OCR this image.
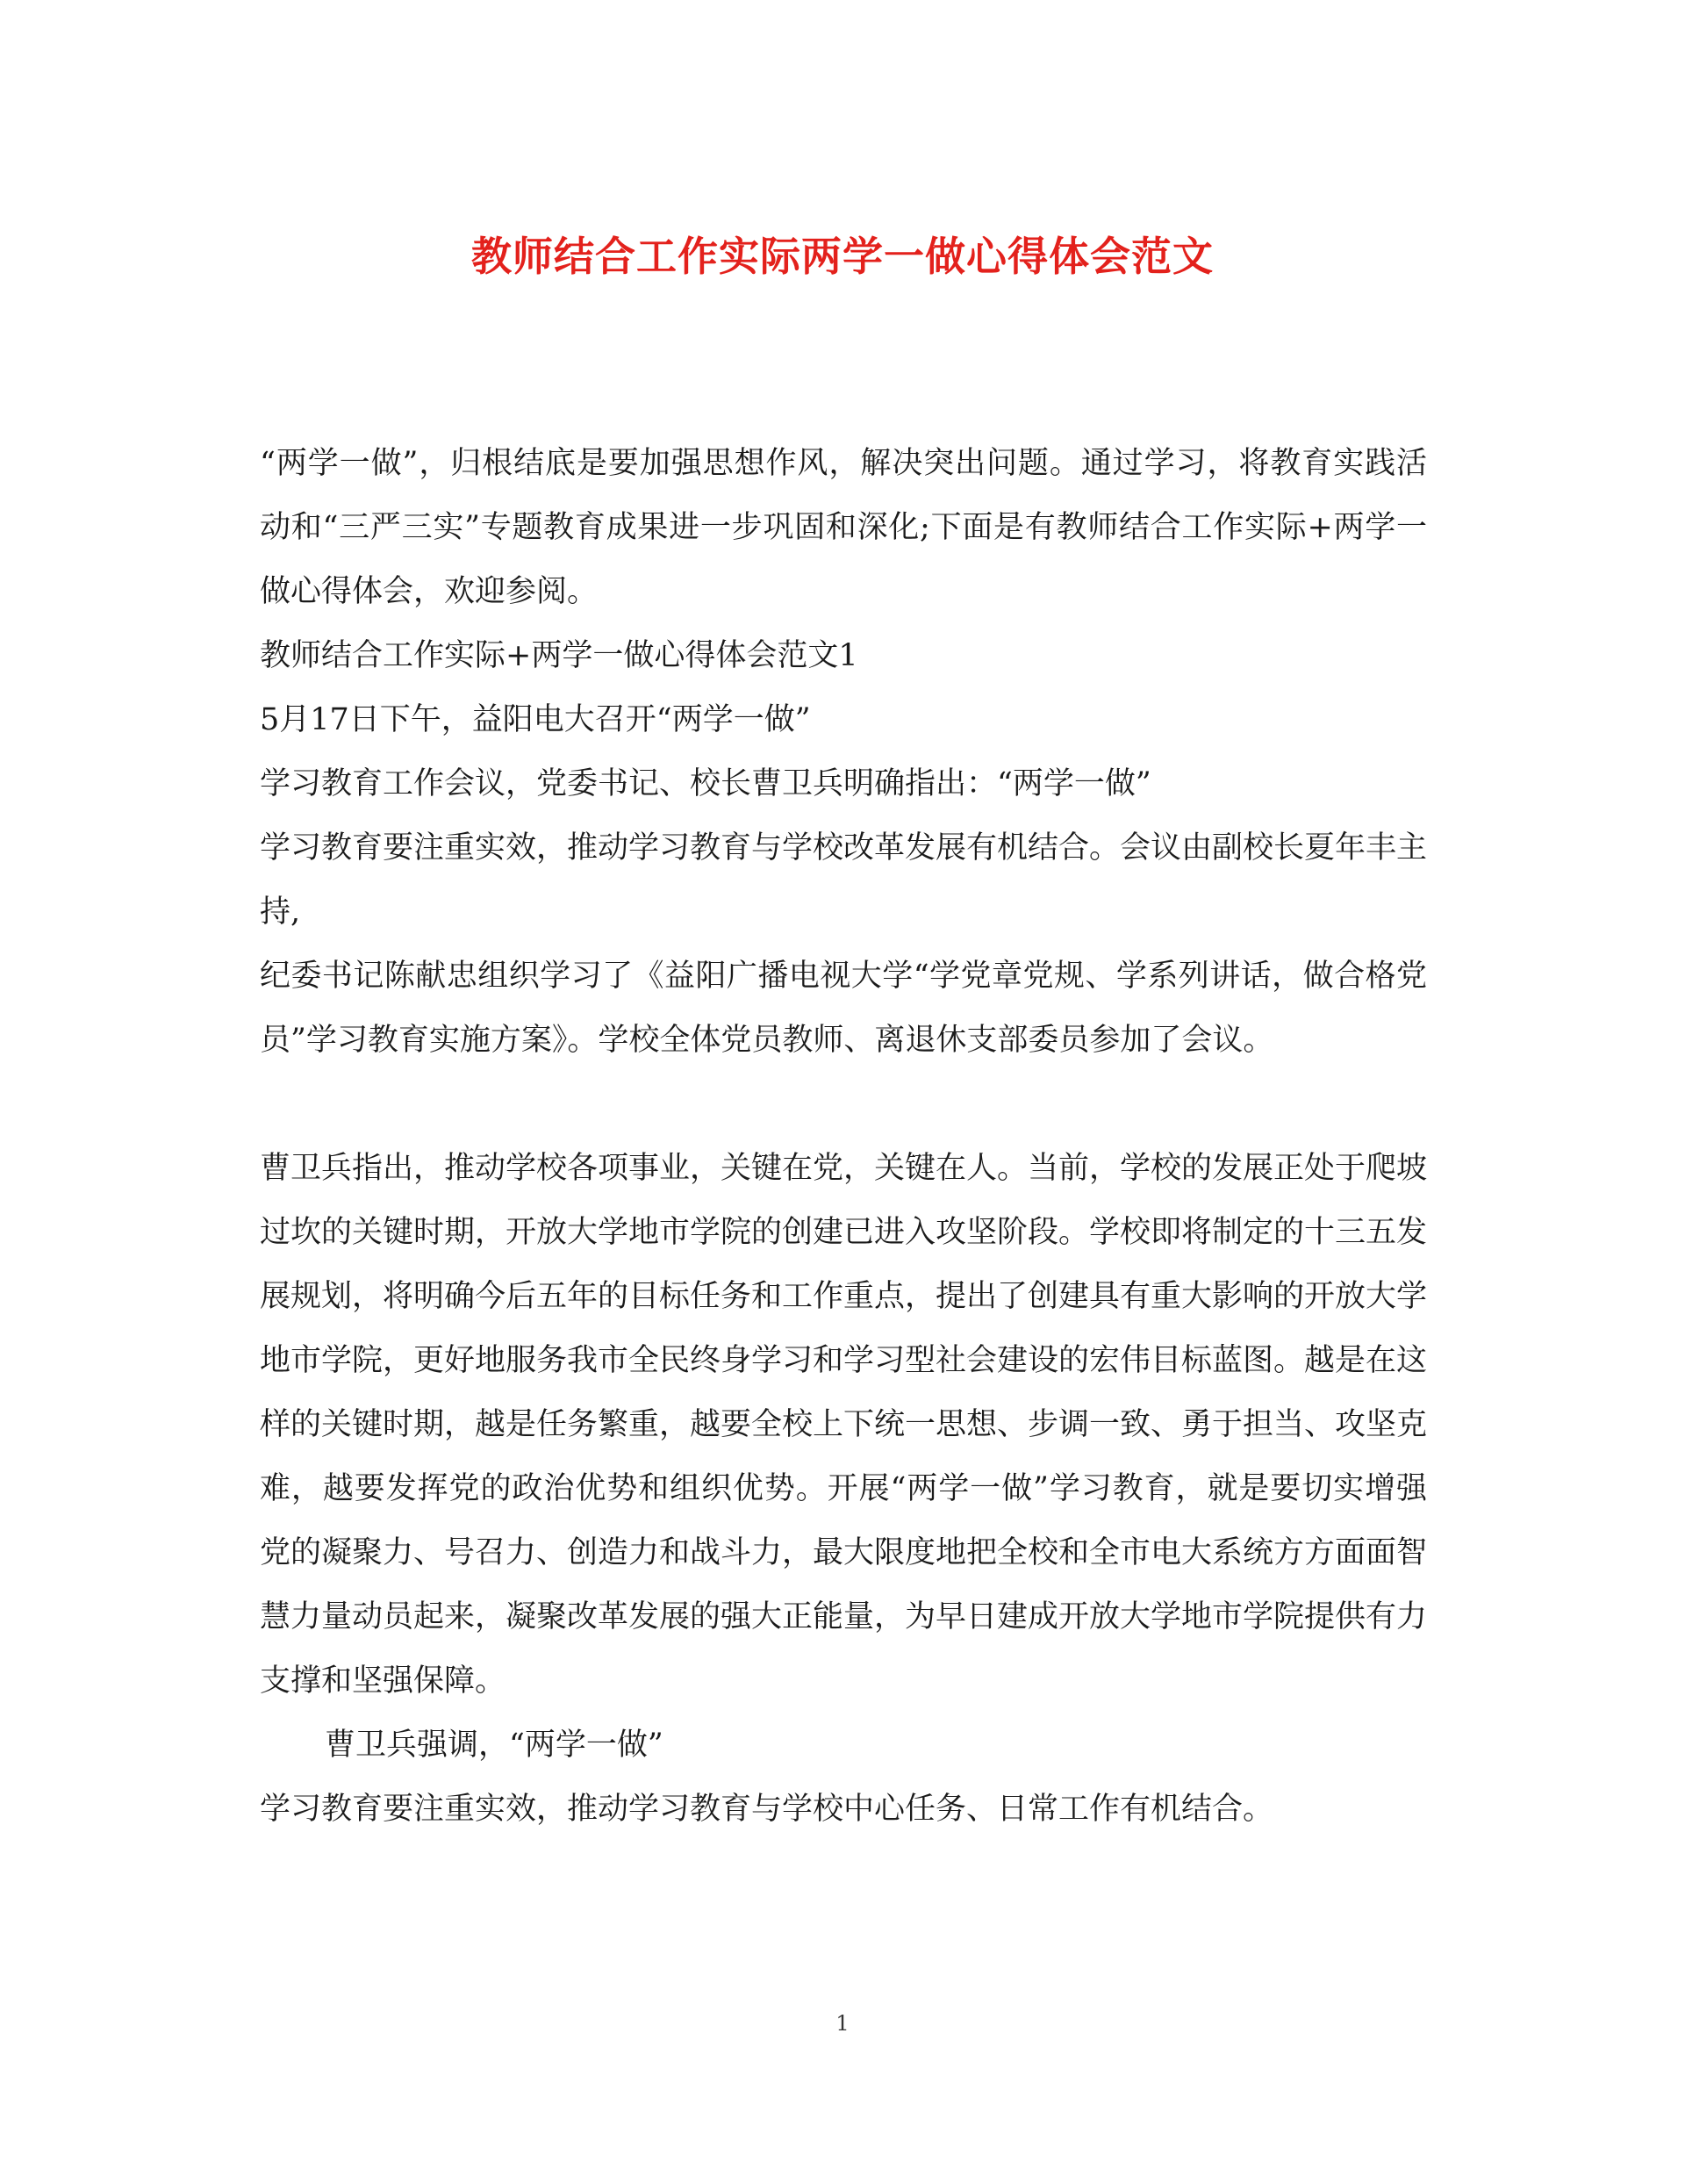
教师结合工作实际两学一做心得体会范文

“两学一做”，归根结底是要加强思想作风，解决突出问题。通过学习，将教育实践活动和“三严三实”专题教育成果进一步巩固和深化;下面是有教师结合工作实际+两学一做心得体会，欢迎参阅。

教师结合工作实际+两学一做心得体会范文1

5月17日下午，益阳电大召开“两学一做”

学习教育工作会议，党委书记、校长曹卫兵明确指出：“两学一做”

学习教育要注重实效，推动学习教育与学校改革发展有机结合。会议由副校长夏年丰主持,

纪委书记陈献忠组织学习了《益阳广播电视大学“学党章党规、学系列讲话，做合格党员”学习教育实施方案》。学校全体党员教师、离退休支部委员参加了会议。

曹卫兵指出，推动学校各项事业，关键在党，关键在人。当前，学校的发展正处于爬坡过坎的关键时期，开放大学地市学院的创建已进入攻坚阶段。学校即将制定的十三五发展规划，将明确今后五年的目标任务和工作重点，提出了创建具有重大影响的开放大学地市学院，更好地服务我市全民终身学习和学习型社会建设的宏伟目标蓝图。越是在这样的关键时期，越是任务繁重，越要全校上下统一思想、步调一致、勇于担当、攻坚克难，越要发挥党的政治优势和组织优势。开展“两学一做”学习教育，就是要切实增强党的凝聚力、号召力、创造力和战斗力，最大限度地把全校和全市电大系统方方面面智慧力量动员起来，凝聚改革发展的强大正能量，为早日建成开放大学地市学院提供有力支撑和坚强保障。

曹卫兵强调，“两学一做”

学习教育要注重实效，推动学习教育与学校中心任务、日常工作有机结合。

1
